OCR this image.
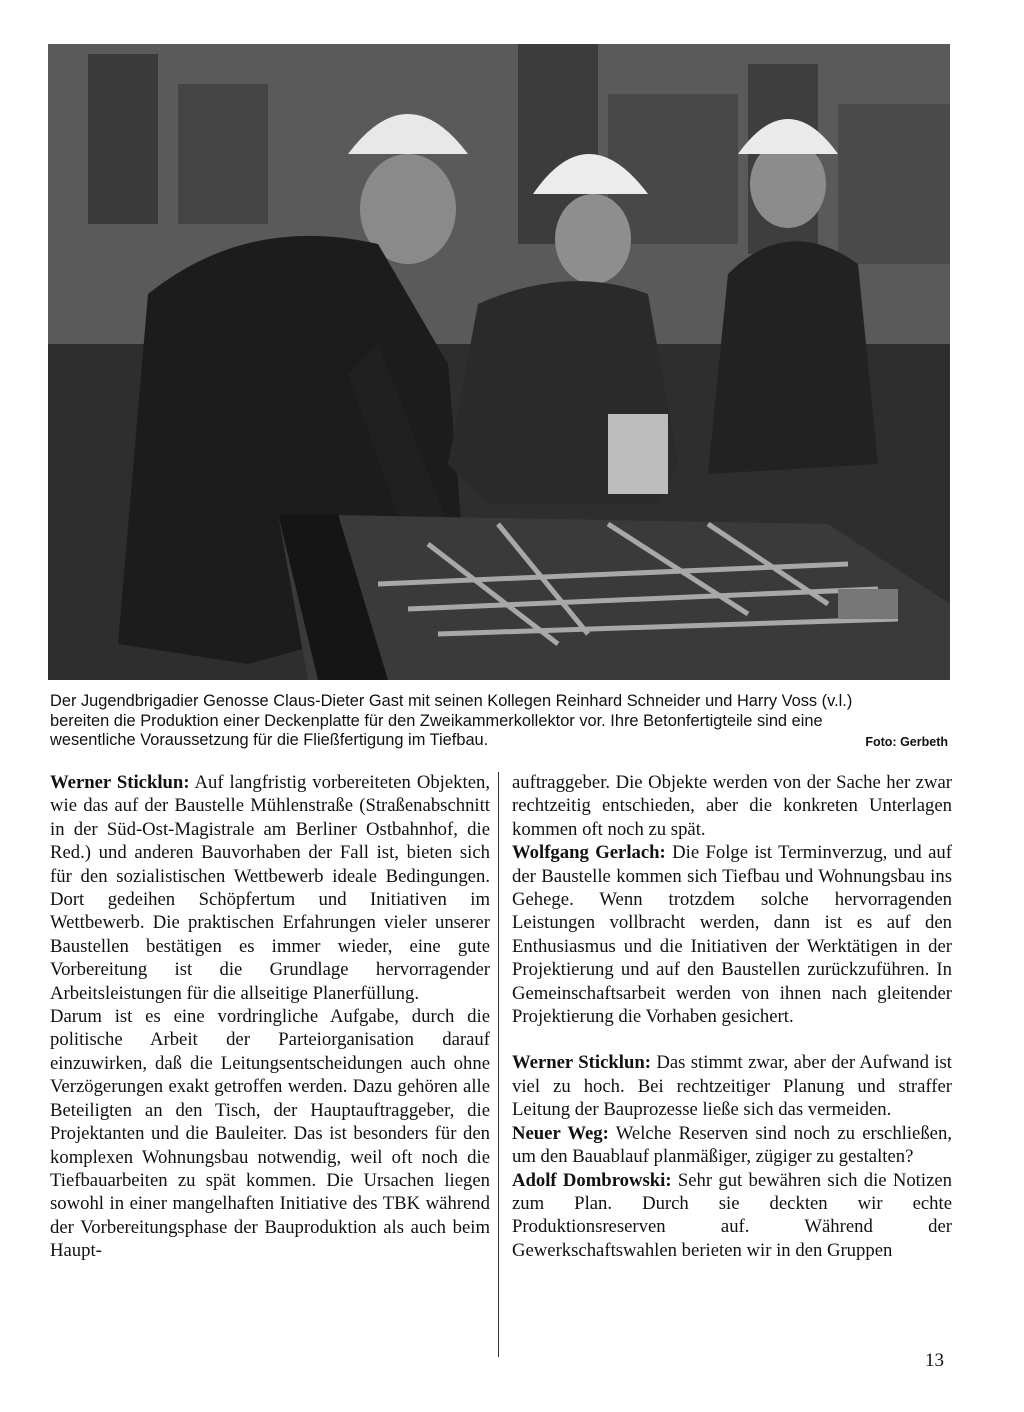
Der Jugendbrigadier Genosse Claus-Dieter Gast mit seinen Kollegen Reinhard Schneider und Harry Voss (v.l.)
bereiten die Produktion einer Deckenplatte für den Zweikammerkollektor vor. Ihre Betonfertigteile sind eine
wesentliche Voraussetzung für die Fließfertigung im Tiefbau.	Foto: Gerbeth

Werner Sticklun: Auf langfristig vorbereiteten Objekten, wie das auf der Baustelle Mühlenstraße (Straßenabschnitt in der Süd-Ost-Magistrale am Berliner Ostbahnhof, die Red.) und anderen Bauvorhaben der Fall ist, bieten sich für den sozialistischen Wettbewerb ideale Bedingungen. Dort gedeihen Schöpfertum und Initiativen im Wettbewerb. Die praktischen Erfahrungen vieler unserer Baustellen bestätigen es immer wieder, eine gute Vorbereitung ist die Grundlage hervorragender Arbeitsleistungen für die allseitige Planerfüllung.

Darum ist es eine vordringliche Aufgabe, durch die politische Arbeit der Parteiorganisation darauf einzuwirken, daß die Leitungsentscheidungen auch ohne Verzögerungen exakt getroffen werden. Dazu gehören alle Beteiligten an den Tisch, der Hauptauftraggeber, die Projektanten und die Bauleiter. Das ist besonders für den komplexen Wohnungsbau notwendig, weil oft noch die Tiefbauarbeiten zu spät kommen. Die Ursachen liegen sowohl in einer mangelhaften Initiative des TBK während der Vorbereitungsphase der Bauproduktion als auch beim Haupt-

auftraggeber. Die Objekte werden von der Sache her zwar rechtzeitig entschieden, aber die konkreten Unterlagen kommen oft noch zu spät.

Wolfgang Gerlach: Die Folge ist Terminverzug, und auf der Baustelle kommen sich Tiefbau und Wohnungsbau ins Gehege. Wenn trotzdem solche hervorragenden Leistungen vollbracht werden, dann ist es auf den Enthusiasmus und die Initiativen der Werktätigen in der Projektierung und auf den Baustellen zurückzuführen. In Gemeinschaftsarbeit werden von ihnen nach gleitender Projektierung die Vorhaben gesichert.

Werner Sticklun: Das stimmt zwar, aber der Aufwand ist viel zu hoch. Bei rechtzeitiger Planung und straffer Leitung der Bauprozesse ließe sich das vermeiden.

Neuer Weg: Welche Reserven sind noch zu erschließen, um den Bauablauf planmäßiger, zügiger zu gestalten?

Adolf Dombrowski: Sehr gut bewähren sich die Notizen zum Plan. Durch sie deckten wir echte Produktionsreserven auf. Während der Gewerkschaftswahlen berieten wir in den Gruppen

13
